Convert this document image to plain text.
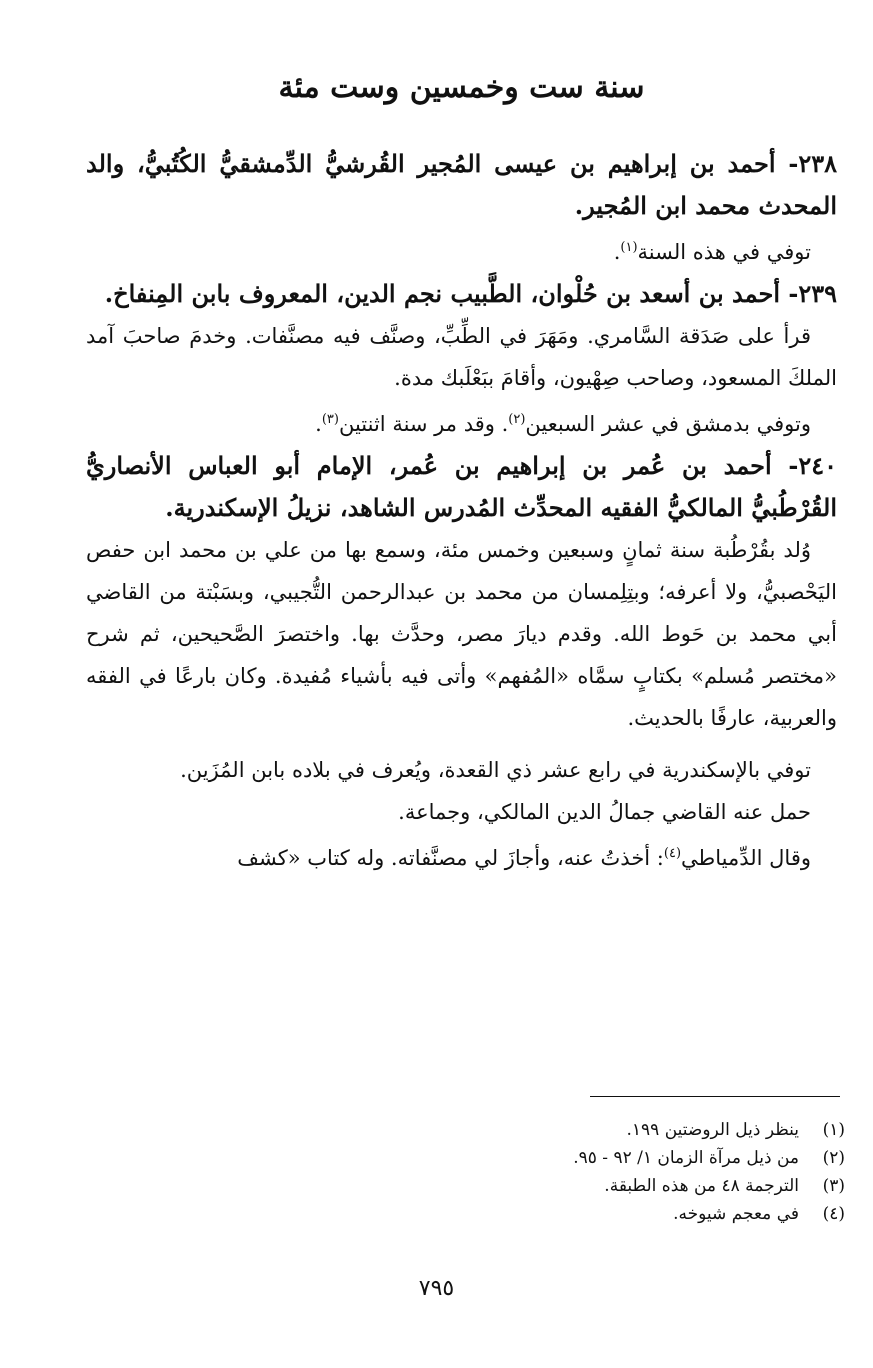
سنة ست وخمسين وست مئة

٢٣٨- أحمد بن إبراهيم بن عيسى المُجير القُرشيُّ الدِّمشقيُّ الكُتُبيُّ، والد المحدث محمد ابن المُجير.

توفي في هذه السنة$^{(١)}$.

٢٣٩- أحمد بن أسعد بن حُلْوان، الطَّبيب نجم الدين، المعروف بابن المِنفاخ.

قرأ على صَدَقة السَّامري. ومَهَرَ في الطِّبِّ، وصنَّف فيه مصنَّفات. وخدمَ صاحبَ آمد الملكَ المسعود، وصاحب صِهْيون، وأقامَ ببَعْلَبك مدة.

وتوفي بدمشق في عشر السبعين$^{(٢)}$. وقد مر سنة اثنتين$^{(٣)}$.

٢٤٠- أحمد بن عُمر بن إبراهيم بن عُمر، الإمام أبو العباس الأنصاريُّ القُرْطُبيُّ المالكيُّ الفقيه المحدِّث المُدرس الشاهد، نزيلُ الإسكندرية.

وُلد بقُرْطُبة سنة ثمانٍ وسبعين وخمس مئة، وسمع بها من علي بن محمد ابن حفص اليَحْصبيُّ، ولا أعرفه؛ وبتِلِمسان من محمد بن عبدالرحمن التُّجيبي، وبسَبْتة من القاضي أبي محمد بن حَوط الله. وقدم ديارَ مصر، وحدَّث بها. واختصرَ الصَّحيحين، ثم شرح «مختصر مُسلم» بكتابٍ سمَّاه «المُفهم» وأتى فيه بأشياء مُفيدة. وكان بارعًا في الفقه والعربية، عارفًا بالحديث.

توفي بالإسكندرية في رابع عشر ذي القعدة، ويُعرف في بلاده بابن المُزَين.

حمل عنه القاضي جمالُ الدين المالكي، وجماعة.

وقال الدِّمياطي$^{(٤)}$: أخذتُ عنه، وأجازَ لي مصنَّفاته. وله كتاب «كشف

(١)ينظر ذيل الروضتين ١٩٩.

(٢)من ذيل مرآة الزمان ١/ ٩٢ - ٩٥.

(٣)الترجمة ٤٨ من هذه الطبقة.

(٤)في معجم شيوخه.

٧٩٥
